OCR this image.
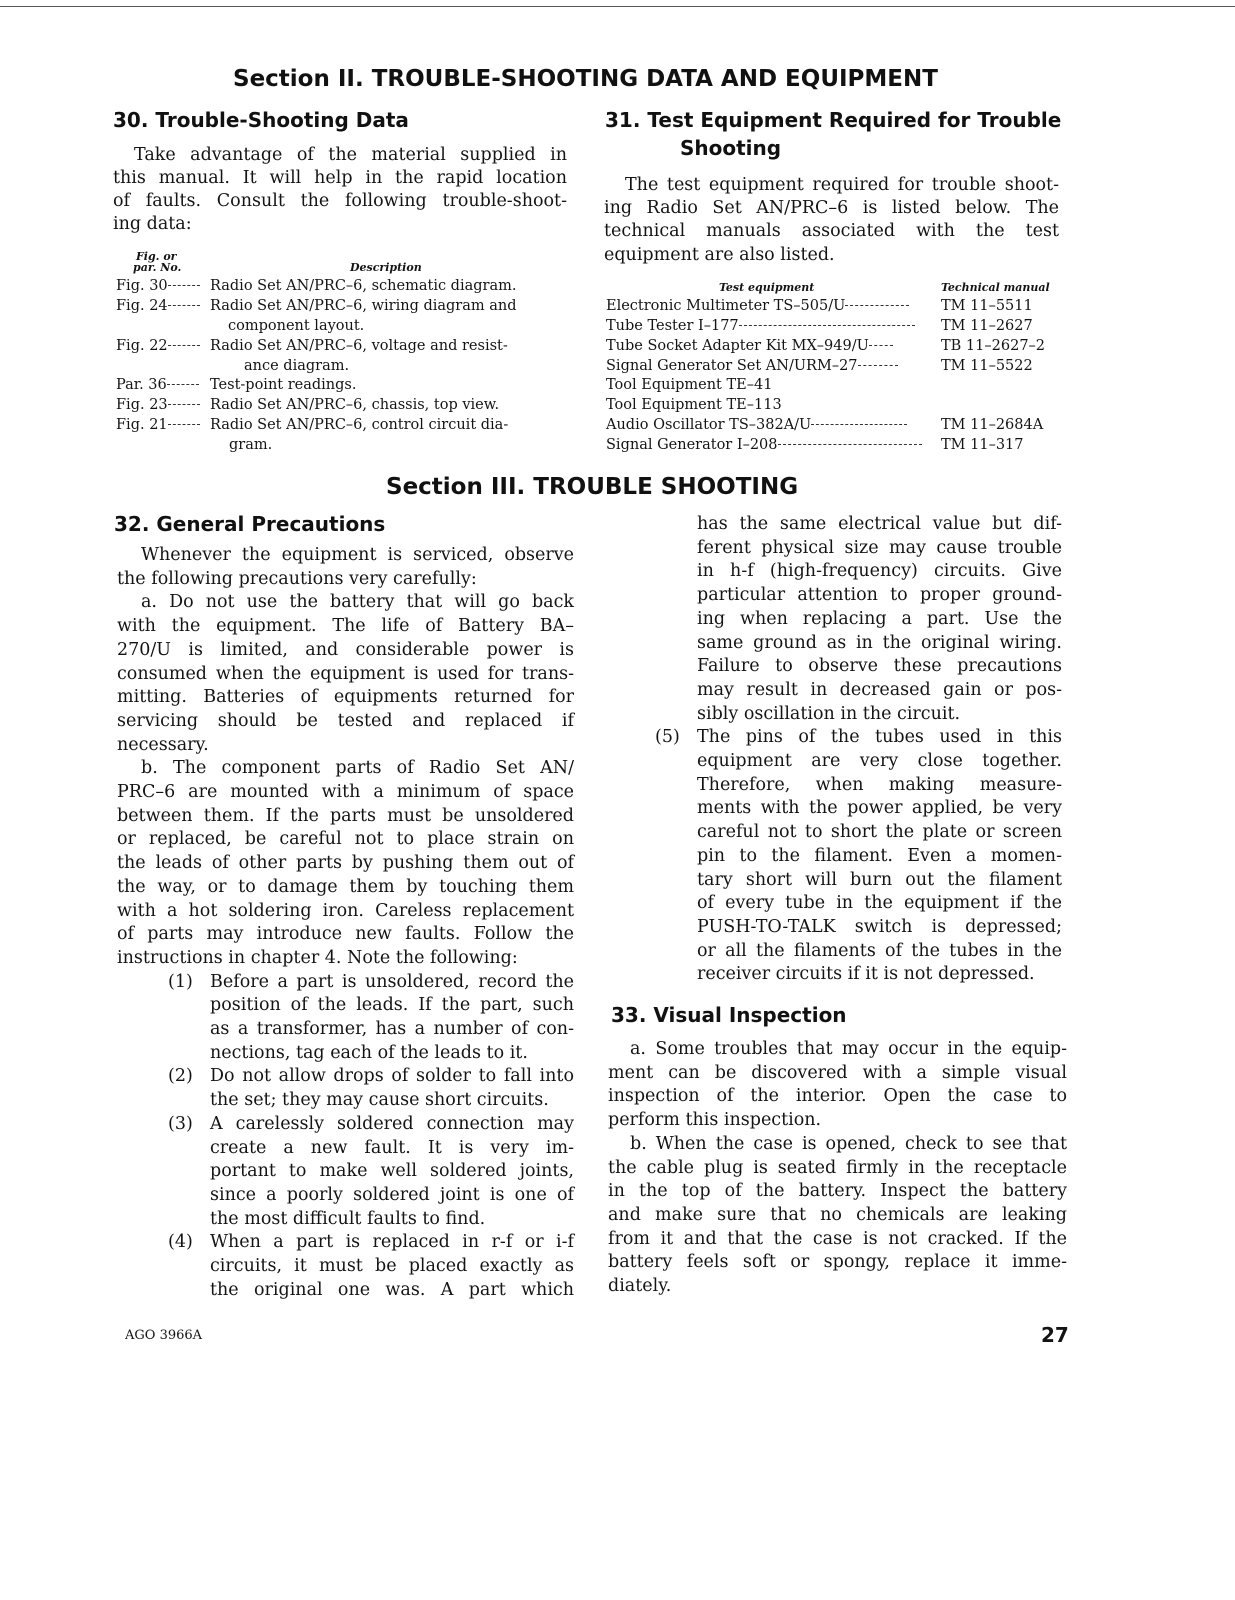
Section II. TROUBLE-SHOOTING DATA AND EQUIPMENT
30. Trouble-Shooting Data
Take advantage of the material supplied in
this manual. It will help in the rapid location
of faults. Consult the following trouble-shoot-
ing data:
Fig. or
par. No.	Description
Fig. 30	Radio Set AN/PRC–6, schematic diagram.
Fig. 24	Radio Set AN/PRC–6, wiring diagram and
component layout.
Fig. 22	Radio Set AN/PRC–6, voltage and resist-
ance diagram.
Par. 36	Test-point readings.
Fig. 23	Radio Set AN/PRC–6, chassis, top view.
Fig. 21	Radio Set AN/PRC–6, control circuit dia-
gram.
31. Test Equipment Required for Trouble
Shooting
The test equipment required for trouble shoot-
ing Radio Set AN/PRC–6 is listed below. The
technical manuals associated with the test
equipment are also listed.
Test equipment	Technical manual
Electronic Multimeter TS–505/U	TM 11–5511
Tube Tester I–177	TM 11–2627
Tube Socket Adapter Kit MX–949/U	TB 11–2627–2
Signal Generator Set AN/URM–27	TM 11–5522
Tool Equipment TE–41
Tool Equipment TE–113
Audio Oscillator TS–382A/U	TM 11–2684A
Signal Generator I–208	TM 11–317
Section III. TROUBLE SHOOTING
32. General Precautions
Whenever the equipment is serviced, observe
the following precautions very carefully:
a. Do not use the battery that will go back
with the equipment. The life of Battery BA–
270/U is limited, and considerable power is
consumed when the equipment is used for trans-
mitting. Batteries of equipments returned for
servicing should be tested and replaced if
necessary.
b. The component parts of Radio Set AN/
PRC–6 are mounted with a minimum of space
between them. If the parts must be unsoldered
or replaced, be careful not to place strain on
the leads of other parts by pushing them out of
the way, or to damage them by touching them
with a hot soldering iron. Careless replacement
of parts may introduce new faults. Follow the
instructions in chapter 4. Note the following:
(1) Before a part is unsoldered, record the
position of the leads. If the part, such
as a transformer, has a number of con-
nections, tag each of the leads to it.
(2) Do not allow drops of solder to fall into
the set; they may cause short circuits.
(3) A carelessly soldered connection may
create a new fault. It is very im-
portant to make well soldered joints,
since a poorly soldered joint is one of
the most difficult faults to find.
(4) When a part is replaced in r-f or i-f
circuits, it must be placed exactly as
the original one was. A part which
has the same electrical value but dif-
ferent physical size may cause trouble
in h-f (high-frequency) circuits. Give
particular attention to proper ground-
ing when replacing a part. Use the
same ground as in the original wiring.
Failure to observe these precautions
may result in decreased gain or pos-
sibly oscillation in the circuit.
(5) The pins of the tubes used in this
equipment are very close together.
Therefore, when making measure-
ments with the power applied, be very
careful not to short the plate or screen
pin to the filament. Even a momen-
tary short will burn out the filament
of every tube in the equipment if the
PUSH-TO-TALK switch is depressed;
or all the filaments of the tubes in the
receiver circuits if it is not depressed.
33. Visual Inspection
a. Some troubles that may occur in the equip-
ment can be discovered with a simple visual
inspection of the interior. Open the case to
perform this inspection.
b. When the case is opened, check to see that
the cable plug is seated firmly in the receptacle
in the top of the battery. Inspect the battery
and make sure that no chemicals are leaking
from it and that the case is not cracked. If the
battery feels soft or spongy, replace it imme-
diately.
AGO 3966A	27
